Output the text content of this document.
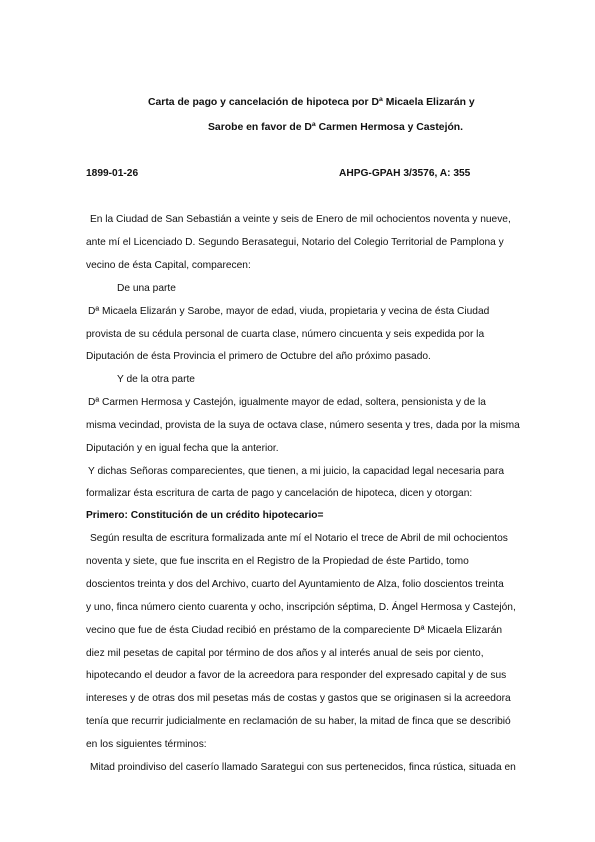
Carta de pago y cancelación de hipoteca por Dª Micaela Elizarán y
Sarobe en favor de Dª Carmen Hermosa y Castejón.
1899-01-26	AHPG-GPAH 3/3576, A: 355
En la Ciudad de San Sebastián a veinte y seis de Enero de mil ochocientos noventa y nueve,
ante mí el Licenciado D. Segundo Berasategui, Notario del Colegio Territorial de Pamplona y
vecino de ésta Capital, comparecen:
De una parte
Dª Micaela Elizarán y Sarobe, mayor de edad, viuda, propietaria y vecina de ésta Ciudad
provista de su cédula personal de cuarta clase, número cincuenta y seis expedida por la
Diputación de ésta Provincia el primero de Octubre del año próximo pasado.
Y de la otra parte
Dª Carmen Hermosa y Castejón, igualmente mayor de edad, soltera, pensionista y de la
misma vecindad, provista de la suya de octava clase, número sesenta y tres, dada por la misma
Diputación y en igual fecha que la anterior.
Y dichas Señoras comparecientes, que tienen, a mi juicio, la capacidad legal necesaria para
formalizar ésta escritura de carta de pago y cancelación de hipoteca, dicen y otorgan:
Primero: Constitución de un crédito hipotecario=
Según resulta de escritura formalizada ante mí el Notario el trece de Abril de mil ochocientos
noventa y siete, que fue inscrita en el Registro de la Propiedad de éste Partido, tomo
doscientos treinta y dos del Archivo, cuarto del Ayuntamiento de Alza, folio doscientos treinta
y uno, finca número ciento cuarenta y ocho, inscripción séptima, D. Ángel Hermosa y Castejón,
vecino que fue de ésta Ciudad recibió en préstamo de la compareciente Dª Micaela Elizarán
diez mil pesetas de capital por término de dos años y al interés anual de seis por ciento,
hipotecando el deudor a favor de la acreedora para responder del expresado capital y de sus
intereses y de otras dos mil pesetas más de costas y gastos que se originasen si la acreedora
tenía que recurrir judicialmente en reclamación de su haber, la mitad de finca que se describió
en los siguientes términos:
Mitad proindiviso del caserío llamado Sarategui con sus pertenecidos, finca rústica, situada en
